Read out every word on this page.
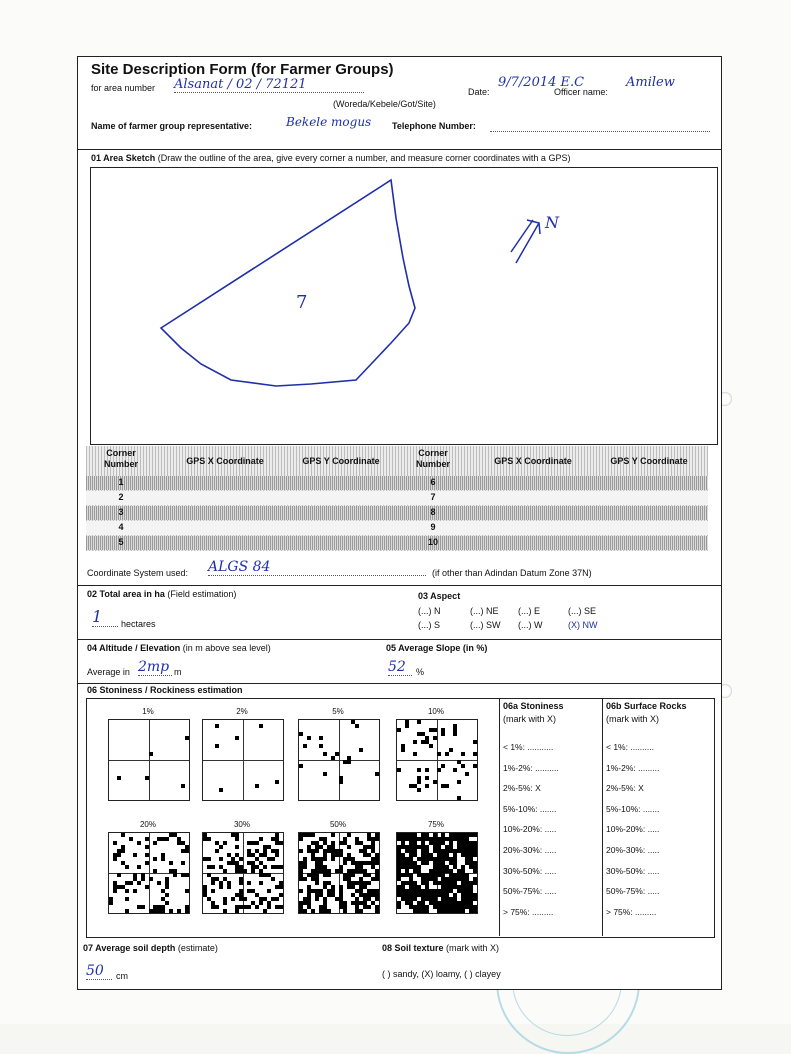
Site Description Form (for Farmer Groups)
for area number Alsanat / 02 / 72121	Date:
9/7/2014 E.C
Officer name:
Amilew
(Woreda/Kebele/Got/Site)
Name of farmer group representative:	Bekele mogus Telephone Number:
01 Area Sketch (Draw the outline of the area, give every corner a number, and measure corner coordinates with a GPS)
7
N
Corner Number	GPS X Coordinate	GPS Y Coordinate
Corner Number	GPS X Coordinate	GPS Y Coordinate
1	6
2	7
3	8
4	9
5	10
Coordinate System used: ALGS 84	(if other than Adindan Datum Zone 37N)
02 Total area in ha (Field estimation)
1	hectares
03 Aspect
(...) N	(...) NE (...) E	(...) SE
(...) S	(...) SW (...) W	(X) NW
04 Altitude / Elevation (in m above sea level)
Average in 2mp m
05 Average Slope (in %)
52	%
06 Stoniness / Rockiness estimation
06a Stoniness
(mark with X)
06b Surface Rocks
(mark with X)
< 1%: ...........
1%-2%: ..........
2%-5%: X
5%-10%: .......
10%-20%: .....
20%-30%: .....
30%-50%: .....
50%-75%: .....
> 75%: .........
< 1%: ..........
1%-2%: .........
2%-5%: X
5%-10%: .......
10%-20%: .....
20%-30%: .....
30%-50%: .....
50%-75%: .....
> 75%: .........
07 Average soil depth (estimate)
50	cm
08 Soil texture (mark with X)
( ) sandy, (X) loamy, ( ) clayey
1%	2%	5%	10%
20%	30%	50%	75%
